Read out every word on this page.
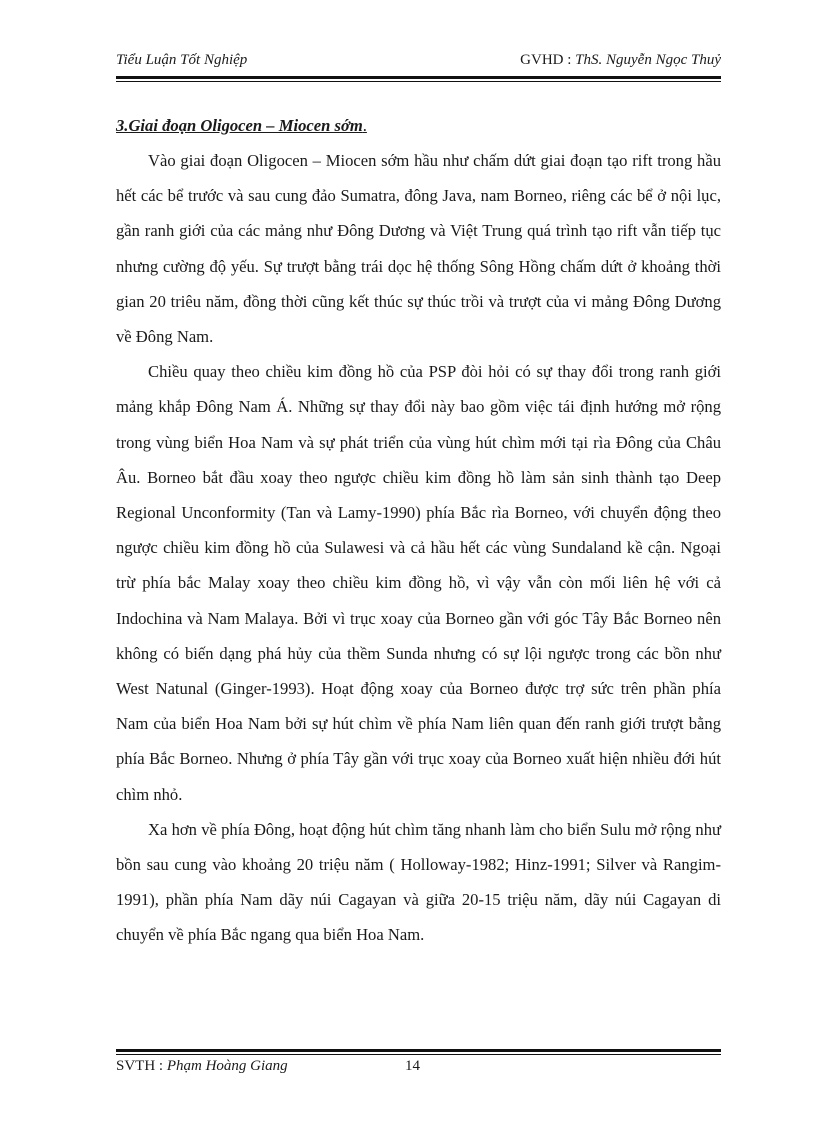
Tiểu Luận Tốt Nghiệp	GVHD : ThS. Nguyễn Ngọc Thuỷ

3.Giai đoạn Oligocen – Miocen sớm.

Vào giai đoạn Oligocen – Miocen sớm hầu như chấm dứt giai đoạn tạo rift trong hầu hết các bể trước và sau cung đảo Sumatra, đông Java, nam Borneo, riêng các bể ở nội lục, gần ranh giới của các mảng như Đông Dương và Việt Trung quá trình tạo rift vẫn tiếp tục nhưng cường độ yếu. Sự trượt bằng trái dọc hệ thống Sông Hồng chấm dứt ở khoảng thời gian 20 triêu năm, đồng thời cũng kết thúc sự thúc trồi và trượt của vi mảng Đông Dương về Đông Nam.

Chiều quay theo chiều kim đồng hồ của PSP đòi hỏi có sự thay đổi trong ranh giới mảng khắp Đông Nam Á. Những sự thay đổi này bao gồm việc tái định hướng mở rộng trong vùng biển Hoa Nam và sự phát triển của vùng hút chìm mới tại rìa Đông của Châu Âu. Borneo bắt đầu xoay theo ngược chiều kim đồng hồ làm sản sinh thành tạo Deep Regional Unconformity (Tan và Lamy-1990) phía Bắc rìa Borneo, với chuyển động theo ngược chiều kim đồng hồ của Sulawesi và cả hầu hết các vùng Sundaland kề cận. Ngoại trừ phía bắc Malay xoay theo chiều kim đồng hồ, vì vậy vẫn còn mối liên hệ với cả Indochina và Nam Malaya. Bởi vì trục xoay của Borneo gần với góc Tây Bắc Borneo nên không có biến dạng phá hủy của thềm Sunda nhưng có sự lội ngược trong các bồn như West Natunal (Ginger-1993). Hoạt động xoay của Borneo được trợ sức trên phần phía Nam của biển Hoa Nam bởi sự hút chìm về phía Nam liên quan đến ranh giới trượt bằng phía Bắc Borneo. Nhưng ở phía Tây gần với trục xoay của Borneo xuất hiện nhiều đới hút chìm nhỏ.

Xa hơn về phía Đông, hoạt động hút chìm tăng nhanh làm cho biển Sulu mở rộng như bồn sau cung vào khoảng 20 triệu năm ( Holloway-1982; Hinz-1991; Silver và Rangim-1991), phần phía Nam dãy núi Cagayan và giữa 20-15 triệu năm, dãy núi Cagayan di chuyển về phía Bắc ngang qua biển Hoa Nam.

SVTH : Phạm Hoàng Giang	14
